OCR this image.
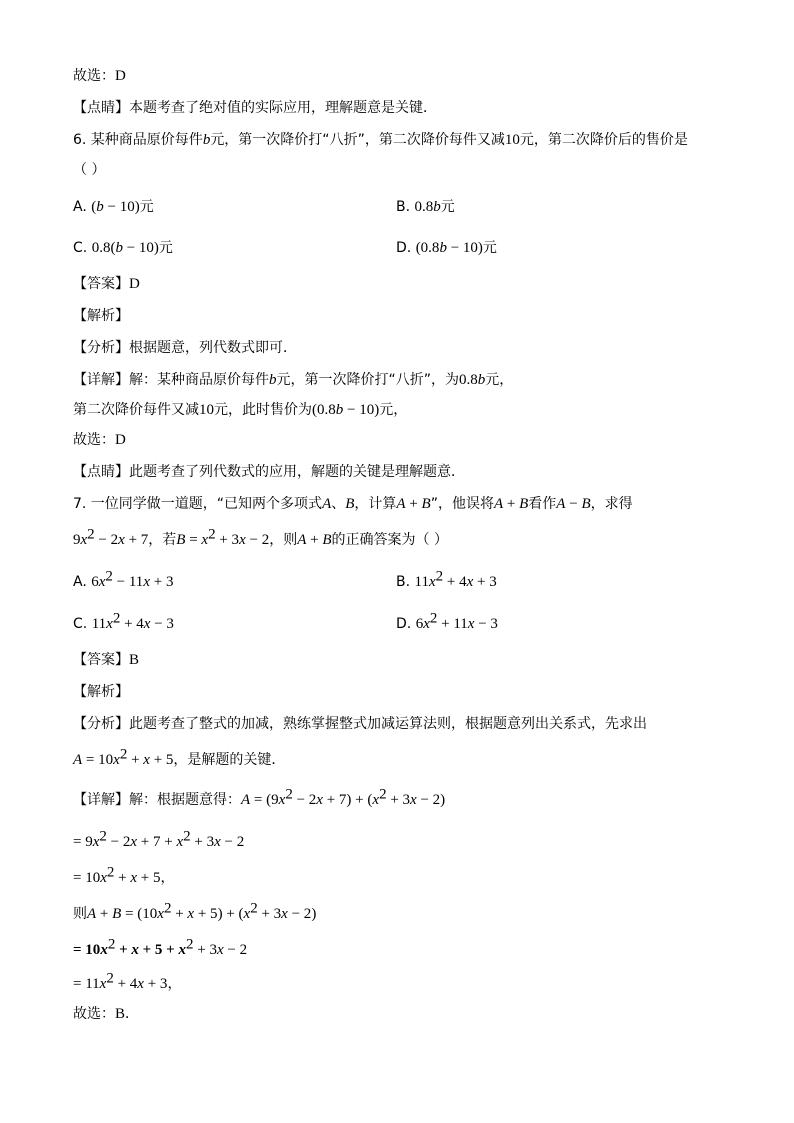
故选：D
【点睛】本题考查了绝对值的实际应用，理解题意是关键．
6. 某种商品原价每件b元，第一次降价打“八折”，第二次降价每件又减10元，第二次降价后的售价是
（ ）
A. (b − 10)元	B. 0.8b元
C. 0.8(b − 10)元	D. (0.8b − 10)元
【答案】D
【解析】
【分析】根据题意，列代数式即可．
【详解】解：某种商品原价每件b元，第一次降价打“八折”，为0.8b元，
第二次降价每件又减10元，此时售价为(0.8b − 10)元，
故选：D
【点睛】此题考查了列代数式的应用，解题的关键是理解题意．
7. 一位同学做一道题，“已知两个多项式A、B，计算A + B”，他误将A + B看作A − B，求得
$9x^2 - 2x + 7$，若$B = x^2 + 3x - 2$，则A + B的正确答案为（ ）
A. $6x^2 - 11x + 3$	B. $11x^2 + 4x + 3$
C. $11x^2 + 4x - 3$	D. $6x^2 + 11x - 3$
【答案】B
【解析】
【分析】此题考查了整式的加减，熟练掌握整式加减运算法则，根据题意列出关系式，先求出
$A = 10x^2 + x + 5$，是解题的关键．
【详解】解：根据题意得：$A = (9x^2 - 2x + 7) + (x^2 + 3x - 2)$
= $9x^2 - 2x + 7 + x^2 + 3x - 2$
= $10x^2 + x + 5$，
则$A + B = (10x^2 + x + 5) + (x^2 + 3x - 2)$
= $10x^2 + x + 5 + x^2 + 3x - 2$
= $11x^2 + 4x + 3$，
故选：B．
